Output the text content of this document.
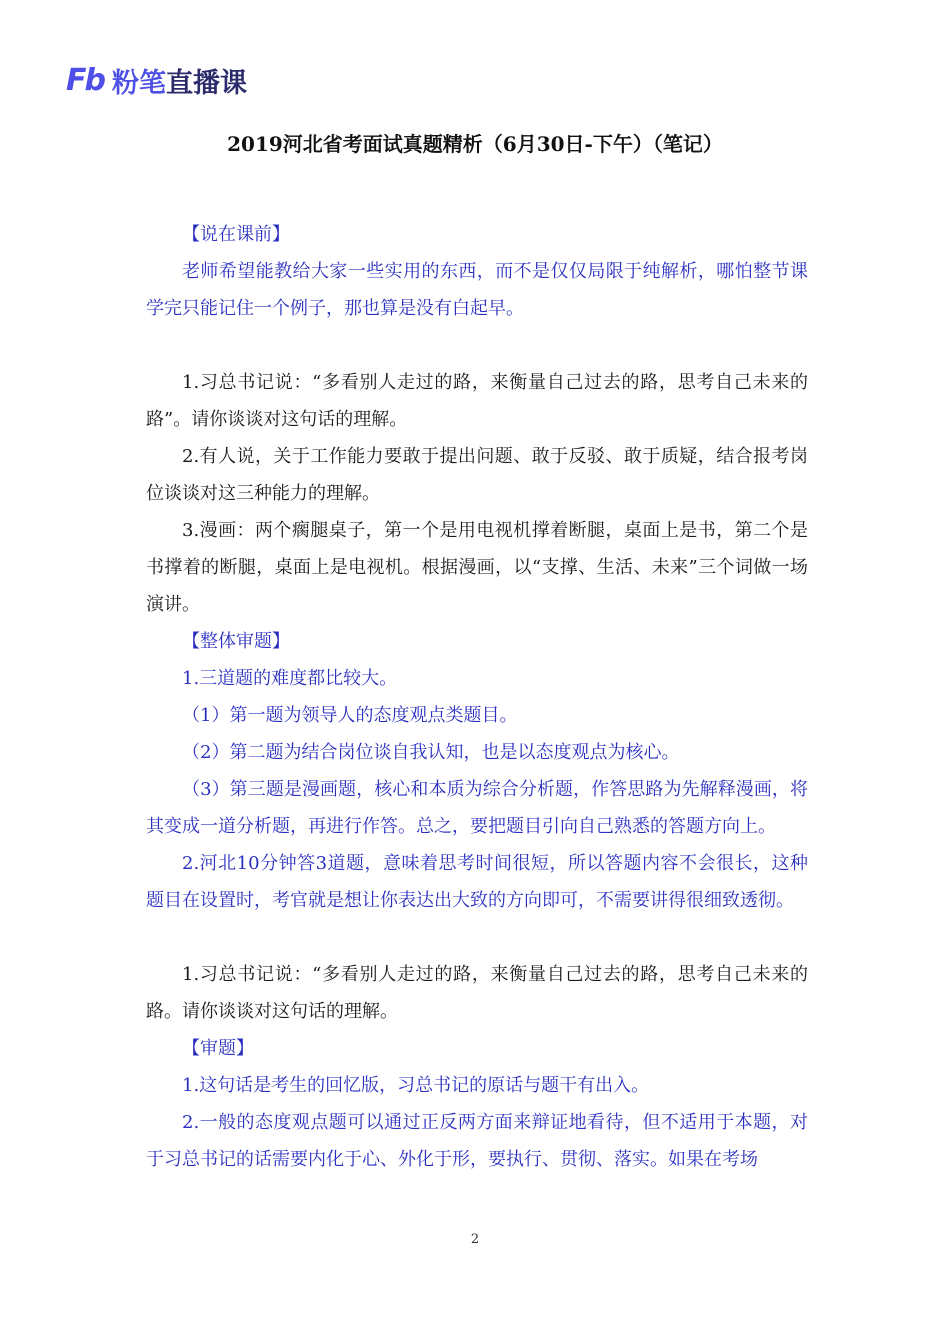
Fb 粉笔直播课
2019河北省考面试真题精析（6月30日-下午）（笔记）

【说在课前】

老师希望能教给大家一些实用的东西，而不是仅仅局限于纯解析，哪怕整节课学完只能记住一个例子，那也算是没有白起早。

1.习总书记说：“多看别人走过的路，来衡量自己过去的路，思考自己未来的路”。请你谈谈对这句话的理解。

2.有人说，关于工作能力要敢于提出问题、敢于反驳、敢于质疑，结合报考岗位谈谈对这三种能力的理解。

3.漫画：两个瘸腿桌子，第一个是用电视机撑着断腿，桌面上是书，第二个是书撑着的断腿，桌面上是电视机。根据漫画，以“支撑、生活、未来”三个词做一场演讲。

【整体审题】

1.三道题的难度都比较大。

（1）第一题为领导人的态度观点类题目。

（2）第二题为结合岗位谈自我认知，也是以态度观点为核心。

（3）第三题是漫画题，核心和本质为综合分析题，作答思路为先解释漫画，将其变成一道分析题，再进行作答。总之，要把题目引向自己熟悉的答题方向上。

2.河北10分钟答3道题，意味着思考时间很短，所以答题内容不会很长，这种题目在设置时，考官就是想让你表达出大致的方向即可，不需要讲得很细致透彻。

1.习总书记说：“多看别人走过的路，来衡量自己过去的路，思考自己未来的路。请你谈谈对这句话的理解。

【审题】

1.这句话是考生的回忆版，习总书记的原话与题干有出入。

2.一般的态度观点题可以通过正反两方面来辩证地看待，但不适用于本题，对于习总书记的话需要内化于心、外化于形，要执行、贯彻、落实。如果在考场

2
